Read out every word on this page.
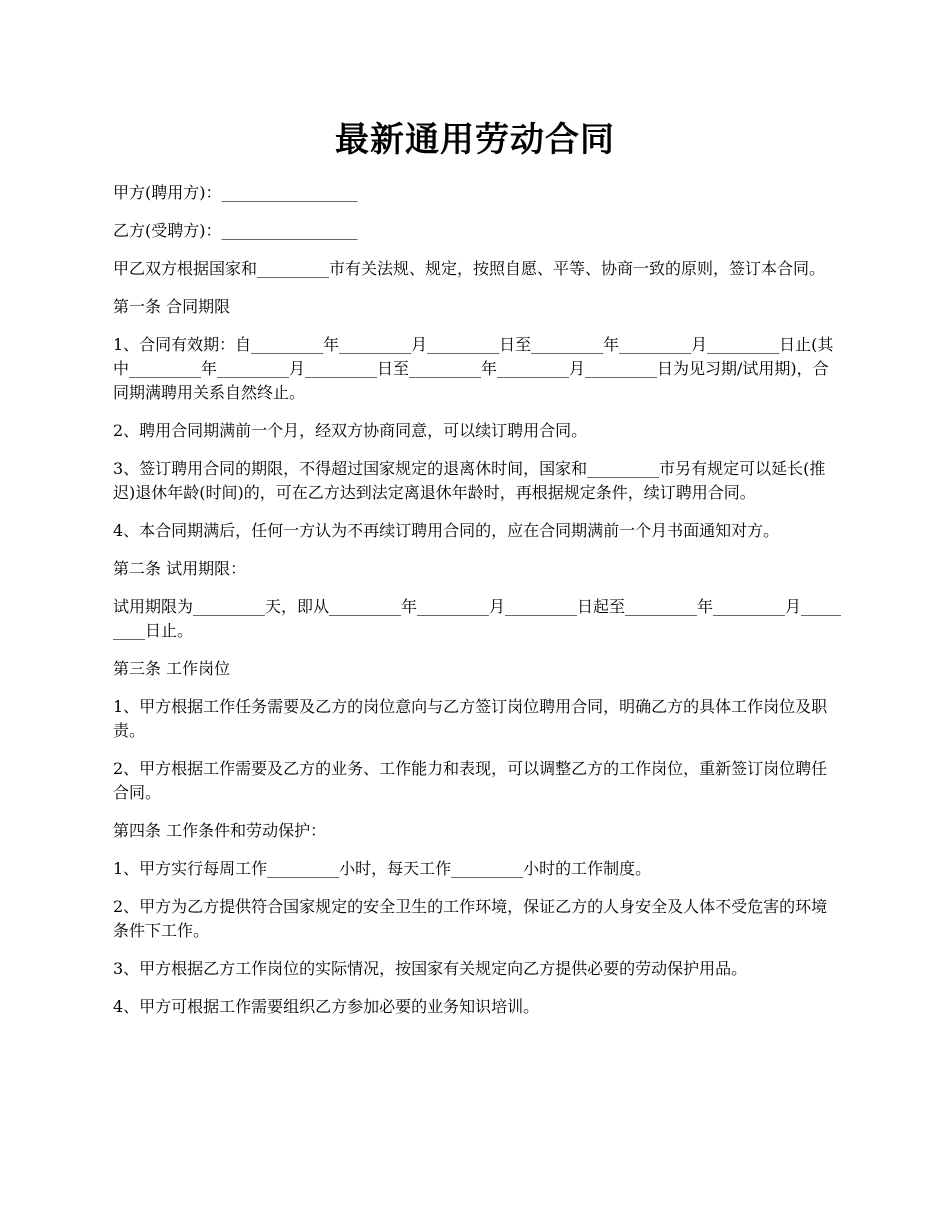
最新通用劳动合同

甲方(聘用方)：_________________

乙方(受聘方)：_________________

甲乙双方根据国家和_________市有关法规、规定，按照自愿、平等、协商一致的原则，签订本合同。

第一条 合同期限

1、合同有效期：自_________年_________月_________日至_________年_________月_________日止(其中_________年_________月_________日至_________年_________月_________日为见习期/试用期)，合同期满聘用关系自然终止。

2、聘用合同期满前一个月，经双方协商同意，可以续订聘用合同。

3、签订聘用合同的期限，不得超过国家规定的退离休时间，国家和_________市另有规定可以延长(推迟)退休年龄(时间)的，可在乙方达到法定离退休年龄时，再根据规定条件，续订聘用合同。

4、本合同期满后，任何一方认为不再续订聘用合同的，应在合同期满前一个月书面通知对方。

第二条 试用期限：

试用期限为_________天，即从_________年_________月_________日起至_________年_________月_________日止。

第三条 工作岗位

1、甲方根据工作任务需要及乙方的岗位意向与乙方签订岗位聘用合同，明确乙方的具体工作岗位及职责。

2、甲方根据工作需要及乙方的业务、工作能力和表现，可以调整乙方的工作岗位，重新签订岗位聘任合同。

第四条 工作条件和劳动保护：

1、甲方实行每周工作_________小时，每天工作_________小时的工作制度。

2、甲方为乙方提供符合国家规定的安全卫生的工作环境，保证乙方的人身安全及人体不受危害的环境条件下工作。

3、甲方根据乙方工作岗位的实际情况，按国家有关规定向乙方提供必要的劳动保护用品。

4、甲方可根据工作需要组织乙方参加必要的业务知识培训。
